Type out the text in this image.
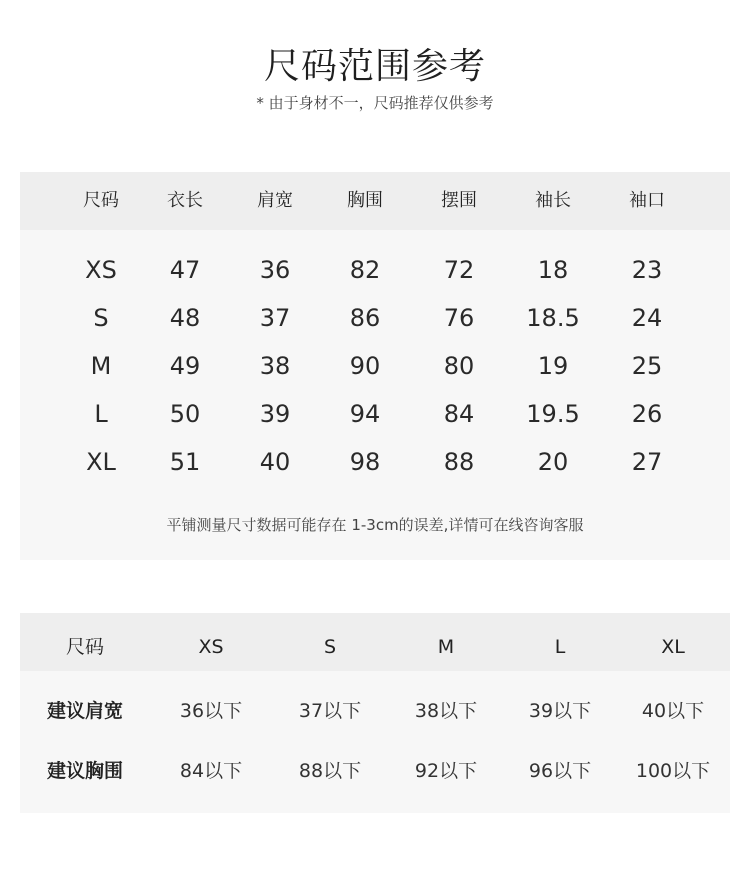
尺码范围参考
* 由于身材不一，尺码推荐仅供参考
尺码	衣长	肩宽	胸围	摆围	袖长	袖口
XS	47	36	82	72	18	23
S	48	37	86	76	18.5	24
M	49	38	90	80	19	25
L	50	39	94	84	19.5	26
XL	51	40	98	88	20	27
平铺测量尺寸数据可能存在 1-3cm的误差,详情可在线咨询客服
尺码	XS	S	M	L	XL
建议肩宽	36以下	37以下	38以下	39以下	40以下
建议胸围	84以下	88以下	92以下	96以下	100以下
